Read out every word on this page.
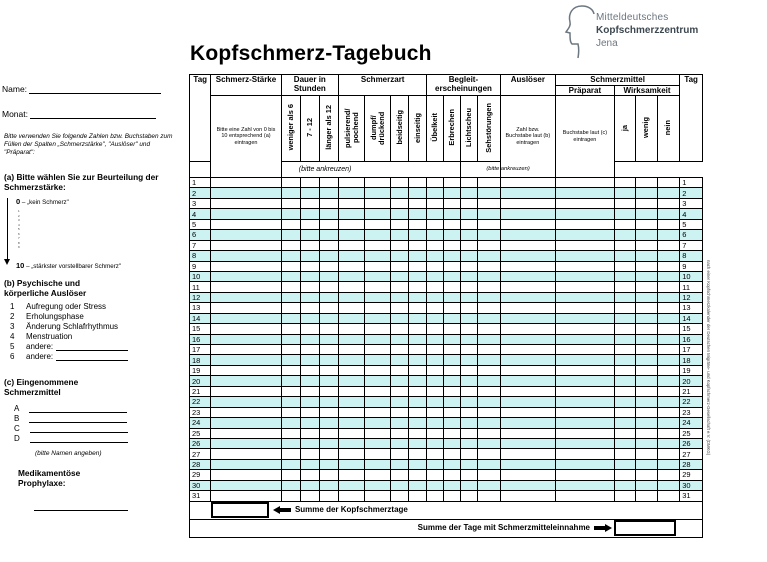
Mitteldeutsches
Kopfschmerzzentrum
Jena
Kopfschmerz-Tagebuch
Name:
Monat:
Bitte verwenden Sie folgende Zahlen bzw. Buchstaben zum Füllen der Spalten „Schmerzstärke", "Auslöser" und "Präparat":
(a) Bitte wählen Sie zur Beurteilung der Schmerzstärke:
0 – „kein Schmerz"
1
2
3
4
5
6
7
8
9
10 – „stärkster vorstellbarer Schmerz"
(b) Psychische und körperliche Auslöser
1 Aufregung oder Stress
2 Erholungsphase
3 Änderung Schlafrhythmus
4 Menstruation
5 andere:
6 andere:
(c) Eingenommene Schmerzmittel
A
B
C
D
(bitte Namen angeben)
Medikamentöse Prophylaxe:
Tag	Schmerz-Stärke	Dauer in Stunden			Schmerzart				Begleit-erscheinungen				Auslöser	Schmerzmittel				Tag
														Präparat	Wirksamkeit			
	Bitte eine Zahl von 0 bis 10 entsprechend (a) eintragen	weniger als 6	7 - 12	länger als 12	pulsierend/ pochend	dumpf/ drückend	beidseitig	einseitig	Übelkeit	Erbrechen	Lichtscheu	Sehstörungen	Zahl bzw. Buchstabe laut (b) eintragen	Buchstabe laut (c) eintragen	ja	wenig	nein	
(bitte ankreuzen)											(bitte ankreuzen)							
1																		1
2																		2
3																		3
4																		4
5																		5
6																		6
7																		7
8																		8
9																		9
10																		10
11																		11
12																		12
13																		13
14																		14
15																		15
16																		16
17																		17
18																		18
19																		19
20																		20
21																		21
22																		22
23																		23
24																		24
25																		25
26																		26
27																		27
28																		28
29																		29
30																		30
31																		31
	Summe der Kopfschmerztage																	
Summe der Tage mit Schmerzmitteleinnahme																		
nach einer Kopfschmerzkalender der Deutschen Migräne- und Kopfschmerz-Gesellschaft e.V. (DMKG)
